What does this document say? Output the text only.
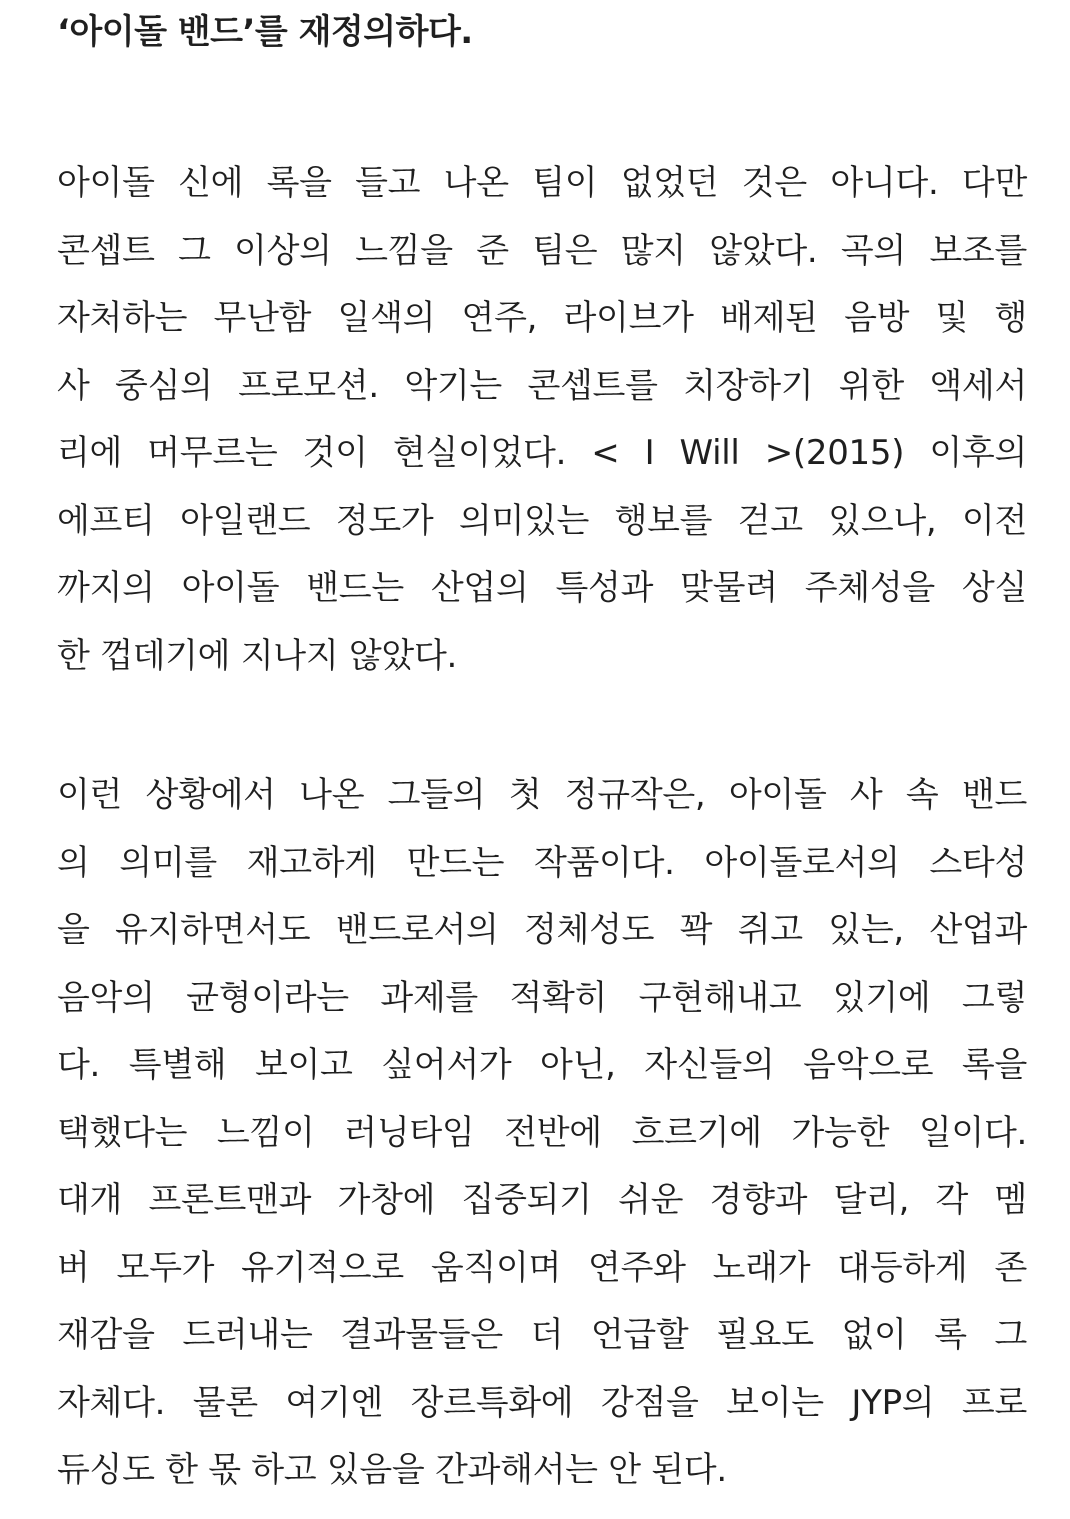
‘아이돌 밴드’를 재정의하다.
아이돌 신에 록을 들고 나온 팀이 없었던 것은 아니다. 다만
콘셉트 그 이상의 느낌을 준 팀은 많지 않았다. 곡의 보조를
자처하는 무난함 일색의 연주, 라이브가 배제된 음방 및 행
사 중심의 프로모션. 악기는 콘셉트를 치장하기 위한 액세서
리에 머무르는 것이 현실이었다. < I Will >(2015) 이후의
에프티 아일랜드 정도가 의미있는 행보를 걷고 있으나, 이전
까지의 아이돌 밴드는 산업의 특성과 맞물려 주체성을 상실
한 껍데기에 지나지 않았다.
이런 상황에서 나온 그들의 첫 정규작은, 아이돌 사 속 밴드
의 의미를 재고하게 만드는 작품이다. 아이돌로서의 스타성
을 유지하면서도 밴드로서의 정체성도 꽉 쥐고 있는, 산업과
음악의 균형이라는 과제를 적확히 구현해내고 있기에 그렇
다. 특별해 보이고 싶어서가 아닌, 자신들의 음악으로 록을
택했다는 느낌이 러닝타임 전반에 흐르기에 가능한 일이다.
대개 프론트맨과 가창에 집중되기 쉬운 경향과 달리, 각 멤
버 모두가 유기적으로 움직이며 연주와 노래가 대등하게 존
재감을 드러내는 결과물들은 더 언급할 필요도 없이 록 그
자체다. 물론 여기엔 장르특화에 강점을 보이는 JYP의 프로
듀싱도 한 몫 하고 있음을 간과해서는 안 된다.
